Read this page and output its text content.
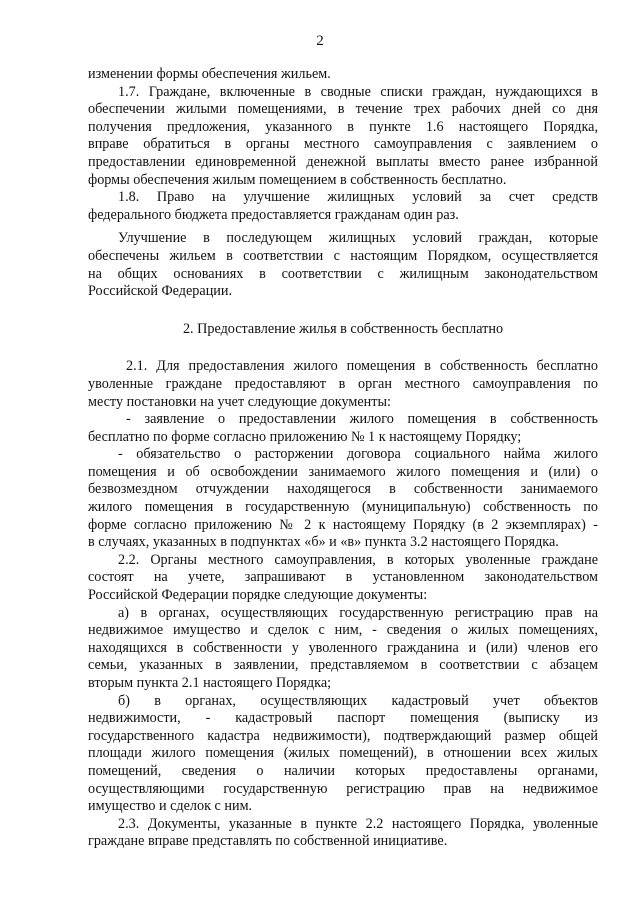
2
изменении формы обеспечения жильем.
1.7. Граждане, включенные в сводные списки граждан, нуждающихся в
обеспечении жилыми помещениями, в течение трех рабочих дней со дня
получения предложения, указанного в пункте 1.6 настоящего Порядка,
вправе обратиться в органы местного самоуправления с заявлением о
предоставлении единовременной денежной выплаты вместо ранее избранной
формы обеспечения жилым помещением в собственность бесплатно.
1.8. Право на улучшение жилищных условий за счет средств
федерального бюджета предоставляется гражданам один раз.
Улучшение в последующем жилищных условий граждан, которые
обеспечены жильем в соответствии с настоящим Порядком, осуществляется
на общих основаниях в соответствии с жилищным законодательством
Российской Федерации.
2. Предоставление жилья в собственность бесплатно
2.1. Для предоставления жилого помещения в собственность бесплатно
уволенные граждане предоставляют в орган местного самоуправления по
месту постановки на учет следующие документы:
- заявление о предоставлении жилого помещения в собственность
бесплатно по форме согласно приложению № 1 к настоящему Порядку;
- обязательство о расторжении договора социального найма жилого
помещения и об освобождении занимаемого жилого помещения и (или) о
безвозмездном отчуждении находящегося в собственности занимаемого
жилого помещения в государственную (муниципальную) собственность по
форме согласно приложению № 2 к настоящему Порядку (в 2 экземплярах) -
в случаях, указанных в подпунктах «б» и «в» пункта 3.2 настоящего Порядка.
2.2. Органы местного самоуправления, в которых уволенные граждане
состоят на учете, запрашивают в установленном законодательством
Российской Федерации порядке следующие документы:
а) в органах, осуществляющих государственную регистрацию прав на
недвижимое имущество и сделок с ним, - сведения о жилых помещениях,
находящихся в собственности у уволенного гражданина и (или) членов его
семьи, указанных в заявлении, представляемом в соответствии с абзацем
вторым пункта 2.1 настоящего Порядка;
б) в органах, осуществляющих кадастровый учет объектов
недвижимости, - кадастровый паспорт помещения (выписку из
государственного кадастра недвижимости), подтверждающий размер общей
площади жилого помещения (жилых помещений), в отношении всех жилых
помещений, сведения о наличии которых предоставлены органами,
осуществляющими государственную регистрацию прав на недвижимое
имущество и сделок с ним.
2.3. Документы, указанные в пункте 2.2 настоящего Порядка, уволенные
граждане вправе представлять по собственной инициативе.
